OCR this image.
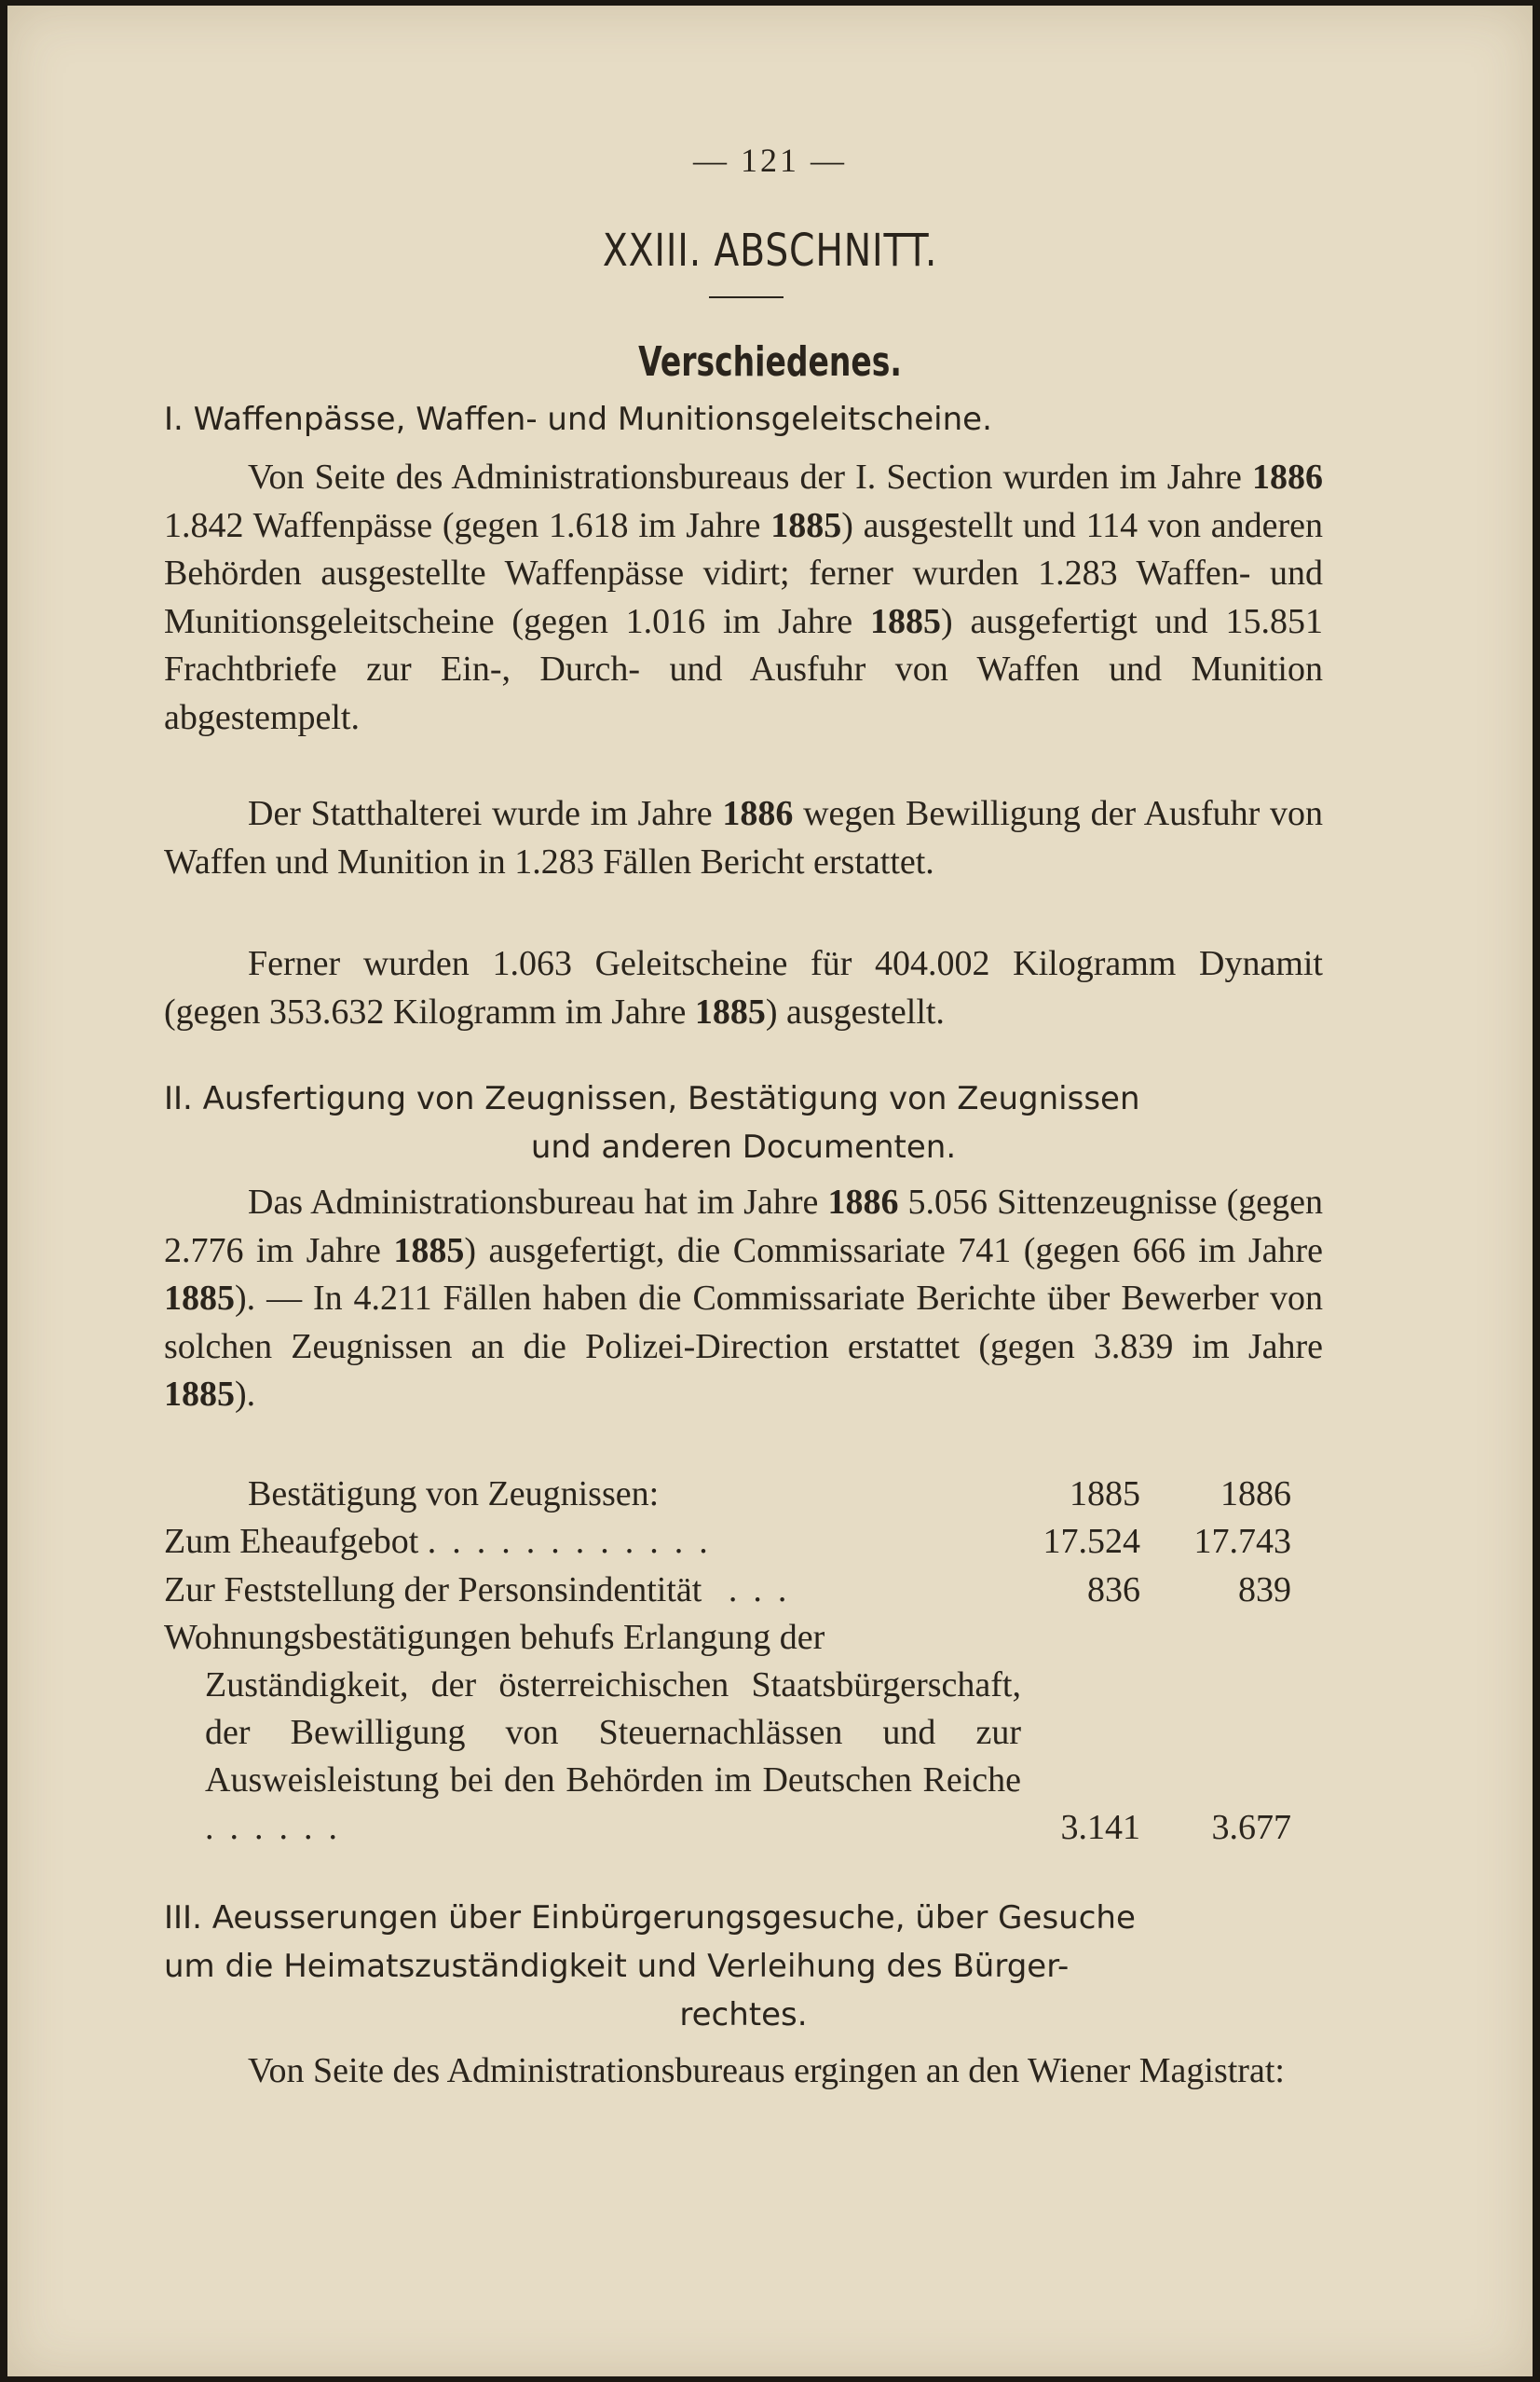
— 121 —
XXIII. ABSCHNITT.
Verschiedenes.
I. Waffenpässe, Waffen- und Munitionsgeleitscheine.
Von Seite des Administrationsbureaus der I. Section wurden im Jahre 1886 1.842 Waffenpässe (gegen 1.618 im Jahre 1885) ausgestellt und 114 von anderen Behörden ausgestellte Waffenpässe vidirt; ferner wurden 1.283 Waffen- und Munitionsgeleitscheine (gegen 1.016 im Jahre 1885) ausgefertigt und 15.851 Frachtbriefe zur Ein-, Durch- und Ausfuhr von Waffen und Munition abgestempelt.
Der Statthalterei wurde im Jahre 1886 wegen Bewilligung der Ausfuhr von Waffen und Munition in 1.283 Fällen Bericht erstattet.
Ferner wurden 1.063 Geleitscheine für 404.002 Kilogramm Dynamit (gegen 353.632 Kilogramm im Jahre 1885) ausgestellt.
II. Ausfertigung von Zeugnissen, Bestätigung von Zeugnissen
und anderen Documenten.
Das Administrationsbureau hat im Jahre 1886 5.056 Sittenzeugnisse (gegen 2.776 im Jahre 1885) ausgefertigt, die Commissariate 741 (gegen 666 im Jahre 1885). — In 4.211 Fällen haben die Commissariate Berichte über Bewerber von solchen Zeugnissen an die Polizei-Direction erstattet (gegen 3.839 im Jahre 1885).
Bestätigung von Zeugnissen:	1885	1886
Zum Eheaufgebot ............	17.524	17.743
Zur Feststellung der Personsindentität ...	836	839
Wohnungsbestätigungen behufs Erlangung der
Zuständigkeit, der österreichischen Staatsbürgerschaft, der Bewilligung von Steuernachlässen und zur Ausweisleistung bei den Behörden im Deutschen Reiche ......	3.141	3.677
III. Aeusserungen über Einbürgerungsgesuche, über Gesuche
um die Heimatszuständigkeit und Verleihung des Bürger-
rechtes.
Von Seite des Administrationsbureaus ergingen an den Wiener Magistrat:
